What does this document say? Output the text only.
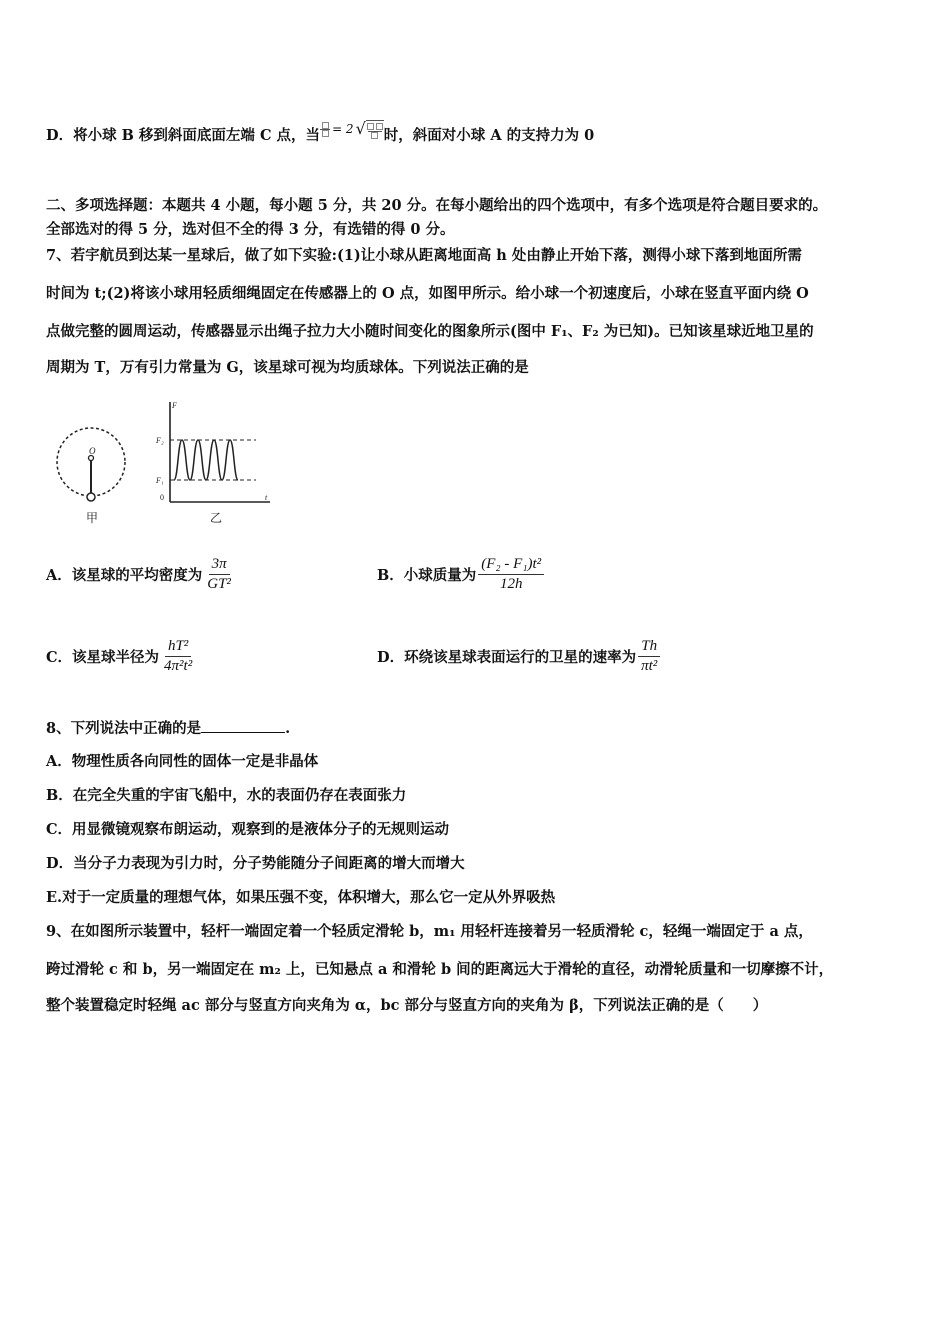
D．将小球 B 移到斜面底面左端 C 点，当 = 2 √ 时，斜面对小球 A 的支持力为 0
二、多项选择题：本题共 4 小题，每小题 5 分，共 20 分。在每小题给出的四个选项中，有多个选项是符合题目要求的。
全部选对的得 5 分，选对但不全的得 3 分，有选错的得 0 分。
7、若宇航员到达某一星球后，做了如下实验:(1)让小球从距离地面高 h 处由静止开始下落，测得小球下落到地面所需
时间为 t;(2)将该小球用轻质细绳固定在传感器上的 O 点，如图甲所示。给小球一个初速度后，小球在竖直平面内绕 O
点做完整的圆周运动，传感器显示出绳子拉力大小随时间变化的图象所示(图中 F₁、F₂ 为已知)。已知该星球近地卫星的
周期为 T，万有引力常量为 G，该星球可视为均质球体。下列说法正确的是
O
甲
F
F₂
F₁
0	t
乙
A．该星球的平均密度为 $\frac{3\pi}{\text{GT²}}$	B．小球质量为 $\frac{\text{(F₂ - F₁)t²}}{12h}$
C．该星球半径为 $\frac{\text{hT²}}{\text{4π²t²}}$	D．环绕该星球表面运行的卫星的速率为 $\frac{Th}{\text{πt²}}$
8、下列说法中正确的是	.
A．物理性质各向同性的固体一定是非晶体
B．在完全失重的宇宙飞船中，水的表面仍存在表面张力
C．用显微镜观察布朗运动，观察到的是液体分子的无规则运动
D．当分子力表现为引力时，分子势能随分子间距离的增大而增大
E.对于一定质量的理想气体，如果压强不变，体积增大，那么它一定从外界吸热
9、在如图所示装置中，轻杆一端固定着一个轻质定滑轮 b，m₁ 用轻杆连接着另一轻质滑轮 c，轻绳一端固定于 a 点，
跨过滑轮 c 和 b，另一端固定在 m₂ 上，已知悬点 a 和滑轮 b 间的距离远大于滑轮的直径，动滑轮质量和一切摩擦不计，
整个装置稳定时轻绳 ac 部分与竖直方向夹角为 α，bc 部分与竖直方向的夹角为 β，下列说法正确的是（　　）
